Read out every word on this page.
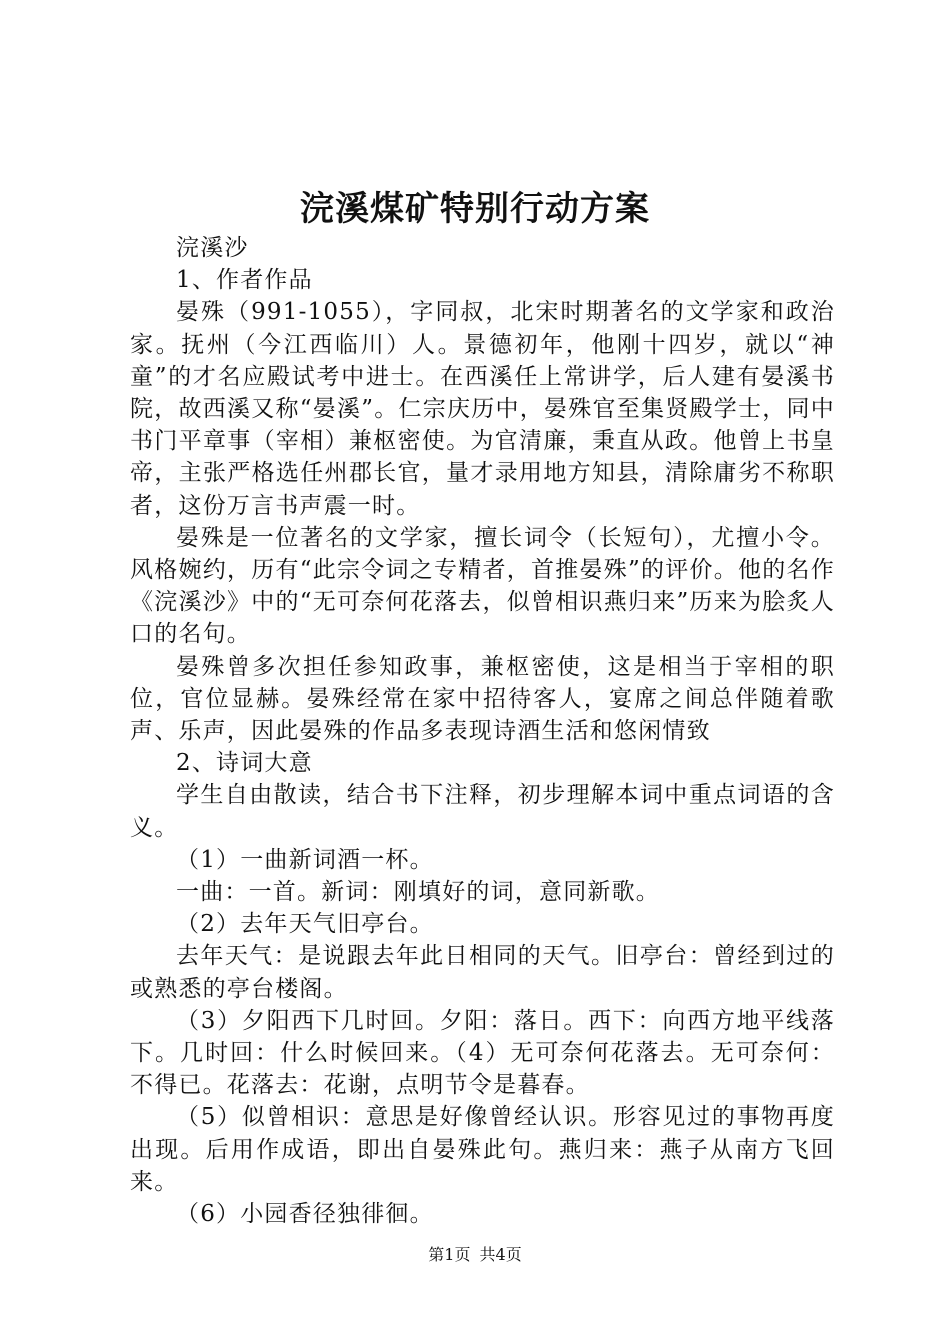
浣溪煤矿特别行动方案

浣溪沙

1、作者作品

晏殊（991-1055），字同叔，北宋时期著名的文学家和政治家。抚州（今江西临川）人。景德初年，他刚十四岁，就以“神童”的才名应殿试考中进士。在西溪任上常讲学，后人建有晏溪书院，故西溪又称“晏溪”。仁宗庆历中，晏殊官至集贤殿学士，同中书门平章事（宰相）兼枢密使。为官清廉，秉直从政。他曾上书皇帝，主张严格选任州郡长官，量才录用地方知县，清除庸劣不称职者，这份万言书声震一时。

晏殊是一位著名的文学家，擅长词令（长短句），尤擅小令。风格婉约，历有“此宗令词之专精者，首推晏殊”的评价。他的名作《浣溪沙》中的“无可奈何花落去，似曾相识燕归来”历来为脍炙人口的名句。

晏殊曾多次担任参知政事，兼枢密使，这是相当于宰相的职位，官位显赫。晏殊经常在家中招待客人，宴席之间总伴随着歌声、乐声，因此晏殊的作品多表现诗酒生活和悠闲情致

2、诗词大意

学生自由散读，结合书下注释，初步理解本词中重点词语的含义。

（1）一曲新词酒一杯。

一曲：一首。新词：刚填好的词，意同新歌。

（2）去年天气旧亭台。

去年天气：是说跟去年此日相同的天气。旧亭台：曾经到过的或熟悉的亭台楼阁。

（3）夕阳西下几时回。夕阳：落日。西下：向西方地平线落下。几时回：什么时候回来。（4）无可奈何花落去。无可奈何：不得已。花落去：花谢，点明节令是暮春。

（5）似曾相识：意思是好像曾经认识。形容见过的事物再度出现。后用作成语，即出自晏殊此句。燕归来：燕子从南方飞回来。

（6）小园香径独徘徊。

第1页 共4页
